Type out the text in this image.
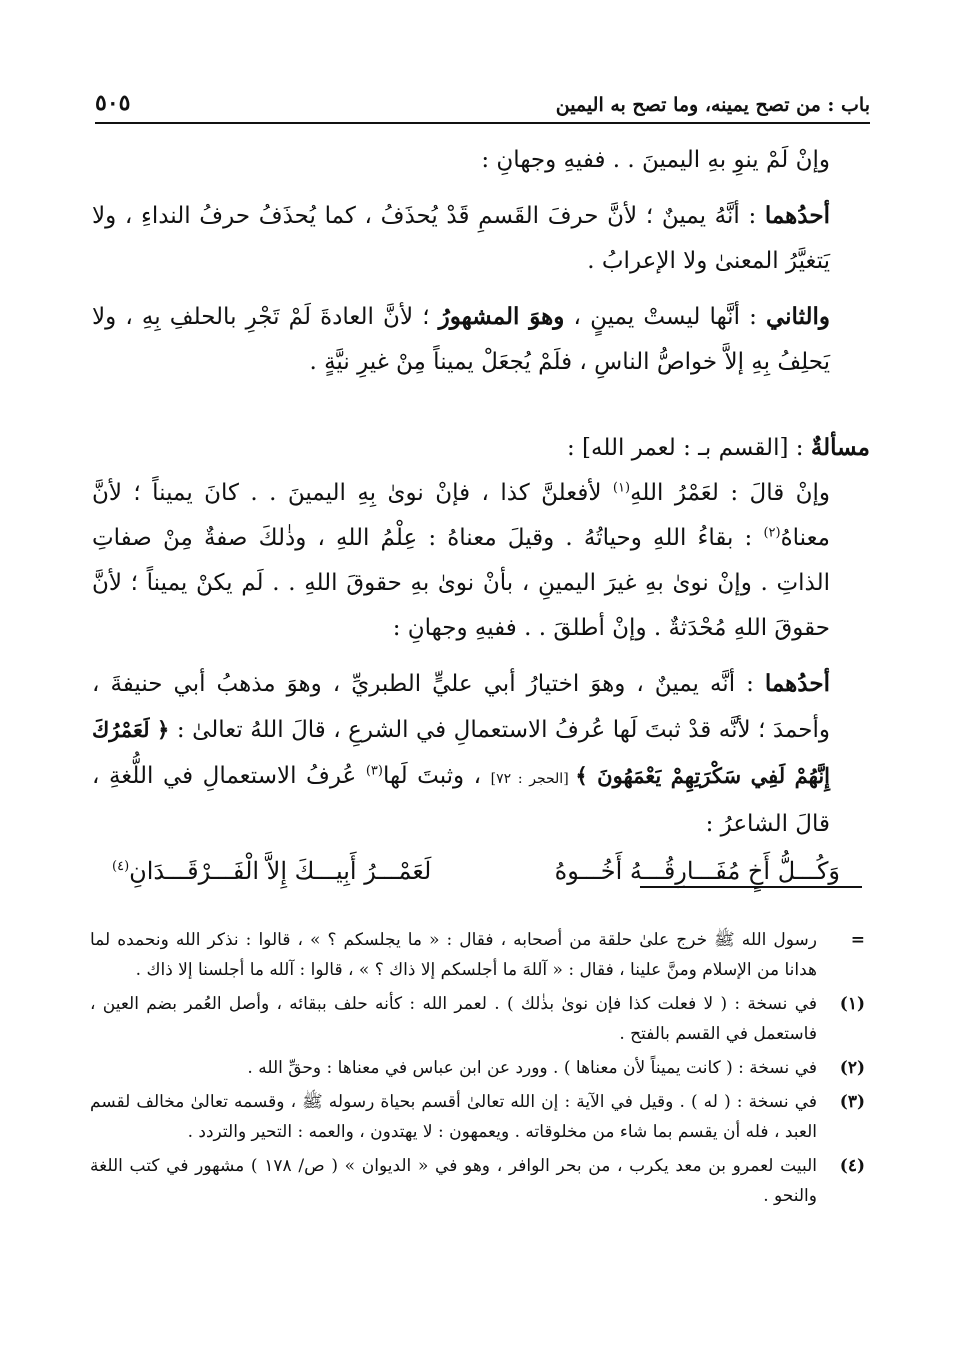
باب : من تصح يمينه، وما تصح به اليمين
٥٠٥

وإنْ لَمْ ينوِ بهِ اليمينَ . . ففيهِ وجهانِ :

أحدُهما : أنَّهُ يمينٌ ؛ لأنَّ حرفَ القَسمِ قَدْ يُحذَفُ ، كما يُحذَفُ حرفُ النداءِ ، ولا يَتغيَّرُ المعنىٰ ولا الإعرابُ .

والثاني : أنَّها ليستْ يمينٍ ، وهوَ المشهورُ ؛ لأنَّ العادةَ لَمْ تَجْرِ بالحلفِ بِهِ ، ولا يَحلِفُ بِهِ إلاَّ خواصُّ الناسِ ، فلَمْ يُجعَلْ يميناً مِنْ غيرِ نيَّةٍ .

مسألةٌ : [القسم بـ : لعمر الله] :

وإنْ قالَ : لعَمْرُ اللهِ$^{(١)}$ لأفعلنَّ كذا ، فإنْ نوىٰ بِهِ اليمينَ . . كانَ يميناً ؛ لأنَّ معناهُ$^{(٢)}$ : بقاءُ اللهِ وحياتُهُ . وقيلَ معناهُ : عِلْمُ اللهِ ، وذٰلكَ صفةٌ مِنْ صفاتِ الذاتِ . وإنْ نوىٰ بهِ غيرَ اليمينِ ، بأنْ نوىٰ بهِ حقوقَ اللهِ . . لَم يكنْ يميناً ؛ لأنَّ حقوقَ اللهِ مُحْدَثةٌ . وإنْ أطلقَ . . ففيهِ وجهانِ :

أحدُهما : أنَّه يمينٌ ، وهوَ اختيارُ أبي عليٍّ الطبريِّ ، وهوَ مذهبُ أبي حنيفةَ ، وأحمدَ ؛ لأنَّه قدْ ثبتَ لَها عُرفُ الاستعمالِ في الشرعِ ، قالَ اللهُ تعالىٰ : ﴿ لَعَمْرُكَ إِنَّهُمْ لَفِي سَكْرَتِهِمْ يَعْمَهُونَ ﴾ [الحجر : ٧٢] ، وثبتَ لَها$^{(٣)}$ عُرفُ الاستعمالِ في اللُّغةِ ، قالَ الشاعرُ :

وَكُـــلُّ أَخٍ مُفَـــارِقُـــهُ أَخُـــوهُ
لَعَمْـــرُ أَبِيـــكَ إِلاَّ الْفَـــرْقَـــدَانِ$^{(٤)}$
=
رسول الله ﷺ خرج علىٰ حلقة من أصحابه ، فقال : « ما يجلسكم ؟ » ، قالوا : نذكر الله ونحمده لما هدانا من الإسلام ومنَّ علينا ، فقال : « آللهَ ما أجلسكم إلا ذاك ؟ » ، قالوا : آلله ما أجلسنا إلا ذاك .
(١)
في نسخة : ( لا فعلت كذا فإن نوىٰ بذٰلك ) . لعمر الله : كأنه حلف ببقائه ، وأصل العُمر بضم العين ، فاستعمل في القسم بالفتح .
(٢)
في نسخة : ( كانت يميناً لأن معناها ) . وورد عن ابن عباس في معناها : وحقِّ الله .
(٣)
في نسخة : ( له ) . وقيل في الآية : إن الله تعالىٰ أقسم بحياة رسوله ﷺ ، وقسمه تعالىٰ مخالف لقسم العبد ، فله أن يقسم بما شاء من مخلوقاته . ويعمهون : لا يهتدون ، والعمه : التحير والتردد .
(٤)
البيت لعمرو بن معد يكرب ، من بحر الوافر ، وهو في « الديوان » ( ص/ ١٧٨ ) مشهور في كتب اللغة والنحو .
